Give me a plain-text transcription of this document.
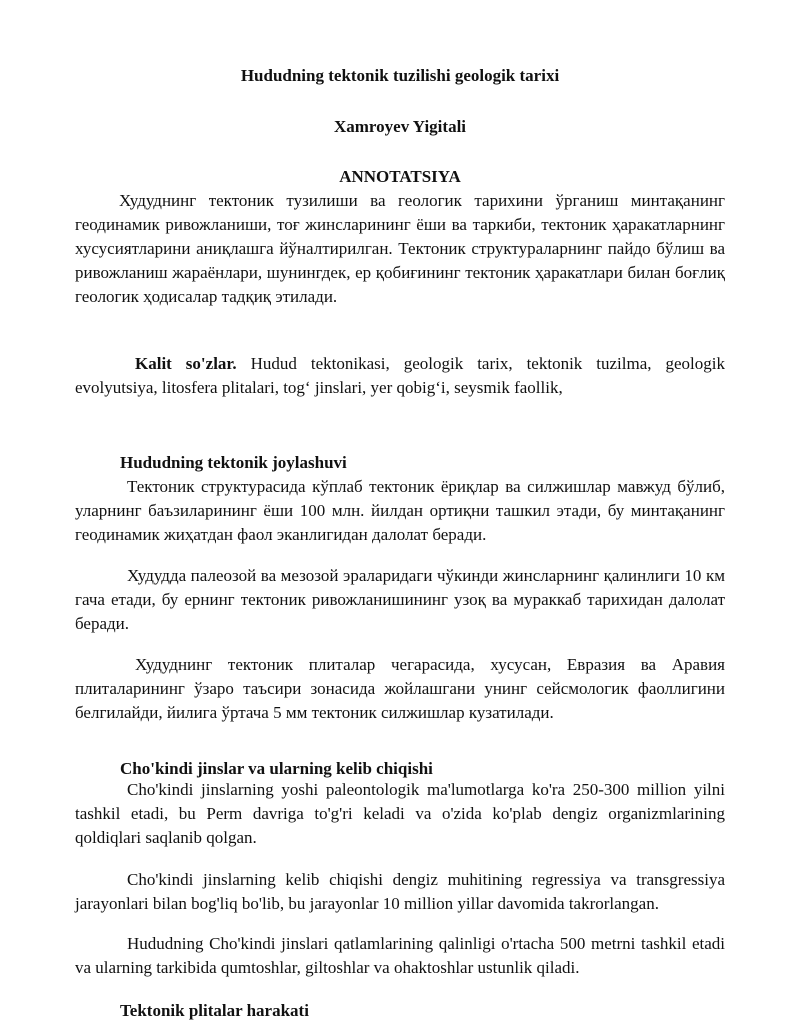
Hududning tektonik tuzilishi geologik tarixi
Xamroyev Yigitali
ANNOTATSIYA
Худуднинг тектоник тузилиши ва геологик тарихини ўрганиш минтақанинг геодинамик ривожланиши, тоғ жинсларининг ёши ва таркиби, тектоник ҳаракатларнинг хусусиятларини аниқлашга йўналтирилган. Тектоник структураларнинг пайдо бўлиш ва ривожланиш жараёнлари, шунингдек, ер қобиғининг тектоник ҳаракатлари билан боғлиқ геологик ҳодисалар тадқиқ этилади.
Kalit so'zlar. Hudud tektonikasi, geologik tarix, tektonik tuzilma, geologik evolyutsiya, litosfera plitalari, tog‘ jinslari, yer qobig‘i, seysmik faollik,
Hududning tektonik joylashuvi
Тектоник структурасида кўплаб тектоник ёриқлар ва силжишлар мавжуд бўлиб, уларнинг баъзиларининг ёши 100 млн. йилдан ортиқни ташкил этади, бу минтақанинг геодинамик жиҳатдан фаол эканлигидан далолат беради.
Худудда палеозой ва мезозой эраларидаги чўкинди жинсларнинг қалинлиги 10 км гача етади, бу ернинг тектоник ривожланишининг узоқ ва мураккаб тарихидан далолат беради.
Худуднинг тектоник плиталар чегарасида, хусусан, Евразия ва Аравия плиталарининг ўзаро таъсири зонасида жойлашгани унинг сейсмологик фаоллигини белгилайди, йилига ўртача 5 мм тектоник силжишлар кузатилади.
Cho'kindi jinslar va ularning kelib chiqishi
Cho'kindi jinslarning yoshi paleontologik ma'lumotlarga ko'ra 250-300 million yilni tashkil etadi, bu Perm davriga to'g'ri keladi va o'zida ko'plab dengiz organizmlarining qoldiqlari saqlanib qolgan.
Cho'kindi jinslarning kelib chiqishi dengiz muhitining regressiya va transgressiya jarayonlari bilan bog'liq bo'lib, bu jarayonlar 10 million yillar davomida takrorlangan.
Hududning Cho'kindi jinslari qatlamlarining qalinligi o'rtacha 500 metrni tashkil etadi va ularning tarkibida qumtoshlar, giltoshlar va ohaktoshlar ustunlik qiladi.
Tektonik plitalar harakati
